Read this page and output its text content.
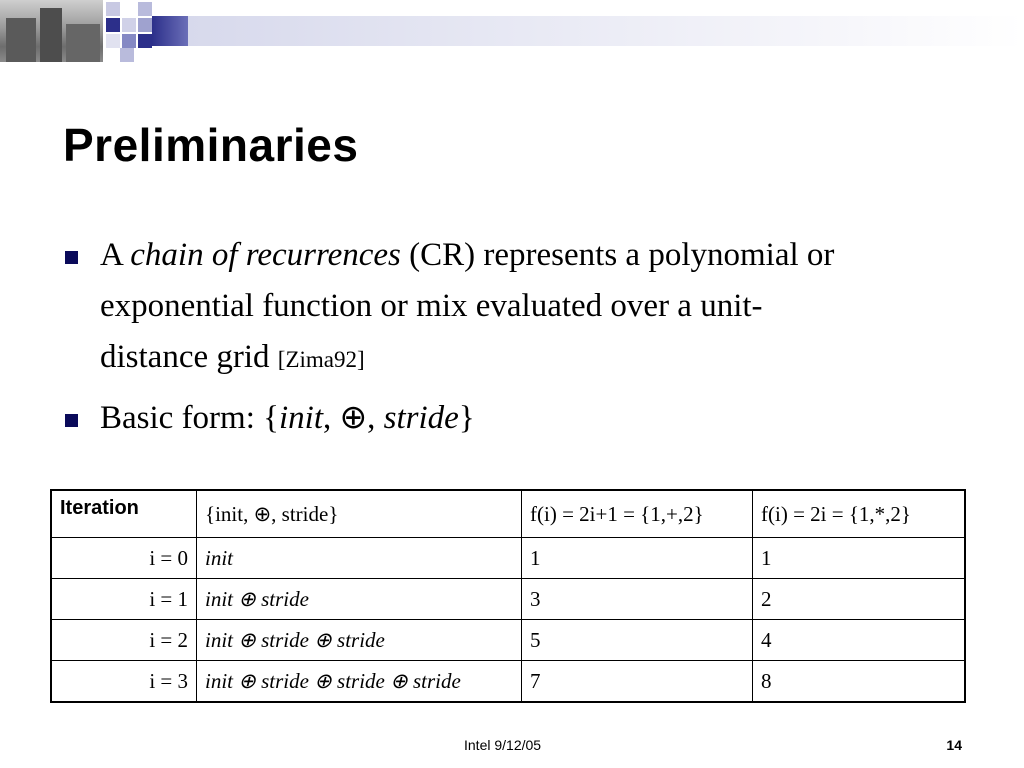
Preliminaries
A chain of recurrences (CR) represents a polynomial or exponential function or mix evaluated over a unit-distance grid [Zima92]
Basic form: {init, ⊕, stride}
Iteration	{init, ⊕, stride}	f(i) = 2i+1 = {1,+,2}	f(i) = 2i = {1,*,2}
i = 0	init	1	1
i = 1	init ⊕ stride	3	2
i = 2	init ⊕ stride ⊕ stride	5	4
i = 3	init ⊕ stride ⊕ stride ⊕ stride	7	8
Intel 9/12/05	14
